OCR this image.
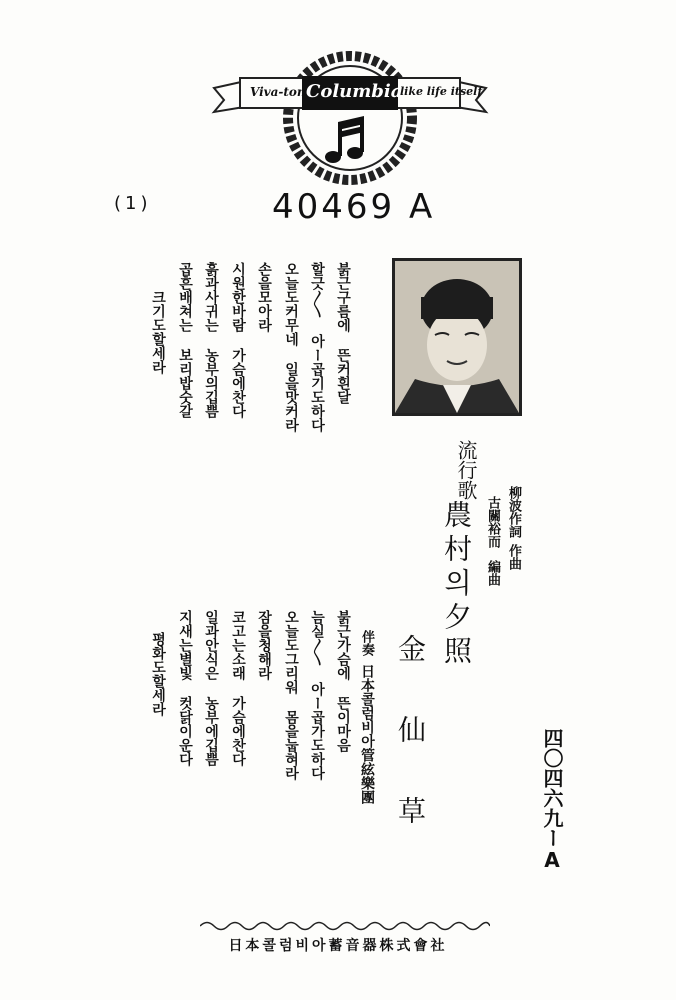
Viva-tonal
Columbia
like life itself
(1)	40469 A
流行歌
農村의夕照	柳波作詞
作曲
古關裕而
編曲
金 仙 草
伴奏
日本콜럼비아管絃樂團	四〇四六九ーA
붉근구름에 뜬커흰달
할긋〱 아ー곱기도하다
오늘도커무네 일을맛커라
손을모아라
시원한바람 가슴에찬다
흙과사귀는 농부의깁쁨
곱흔배쳐는 보리밥숫갈
크기도할세라
붉근가슴에 뜬이마음
늠실〱 아ー곱가도하다
오늘도그리워 몸을눕혀라
잠을청해라
코고는소래 가슴에찬다
일과안식은 농부에깁쁨
지새는별빛 컷닭이운다
평화도할세라
日本콜럼비아蓄音器株式會社
